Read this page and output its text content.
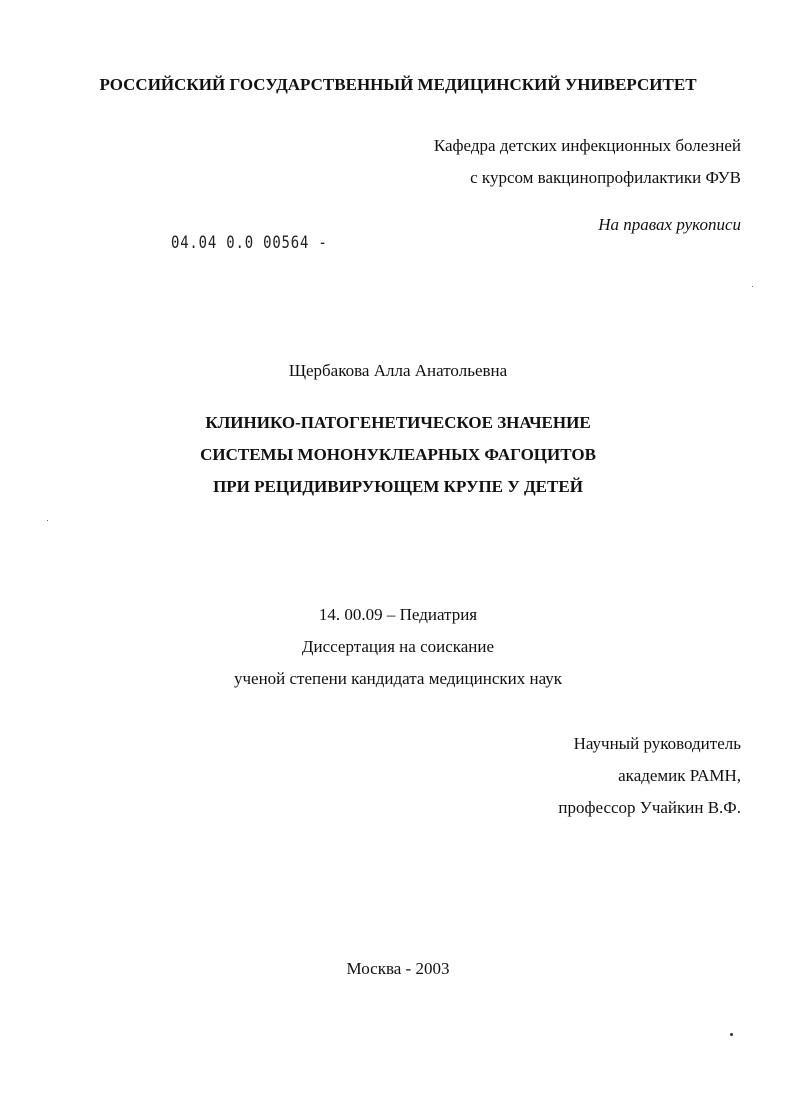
РОССИЙСКИЙ ГОСУДАРСТВЕННЫЙ МЕДИЦИНСКИЙ УНИВЕРСИТЕТ
Кафедра детских инфекционных болезней
с курсом вакцинопрофилактики ФУВ
На правах рукописи
04.04 0.0 00564 -
Щербакова Алла Анатольевна
КЛИНИКО-ПАТОГЕНЕТИЧЕСКОЕ ЗНАЧЕНИЕ
СИСТЕМЫ МОНОНУКЛЕАРНЫХ ФАГОЦИТОВ
ПРИ РЕЦИДИВИРУЮЩЕМ КРУПЕ У ДЕТЕЙ
14. 00.09 – Педиатрия
Диссертация на соискание
ученой степени кандидата медицинских наук
Научный руководитель
академик РАМН,
профессор Учайкин В.Ф.
Москва - 2003
